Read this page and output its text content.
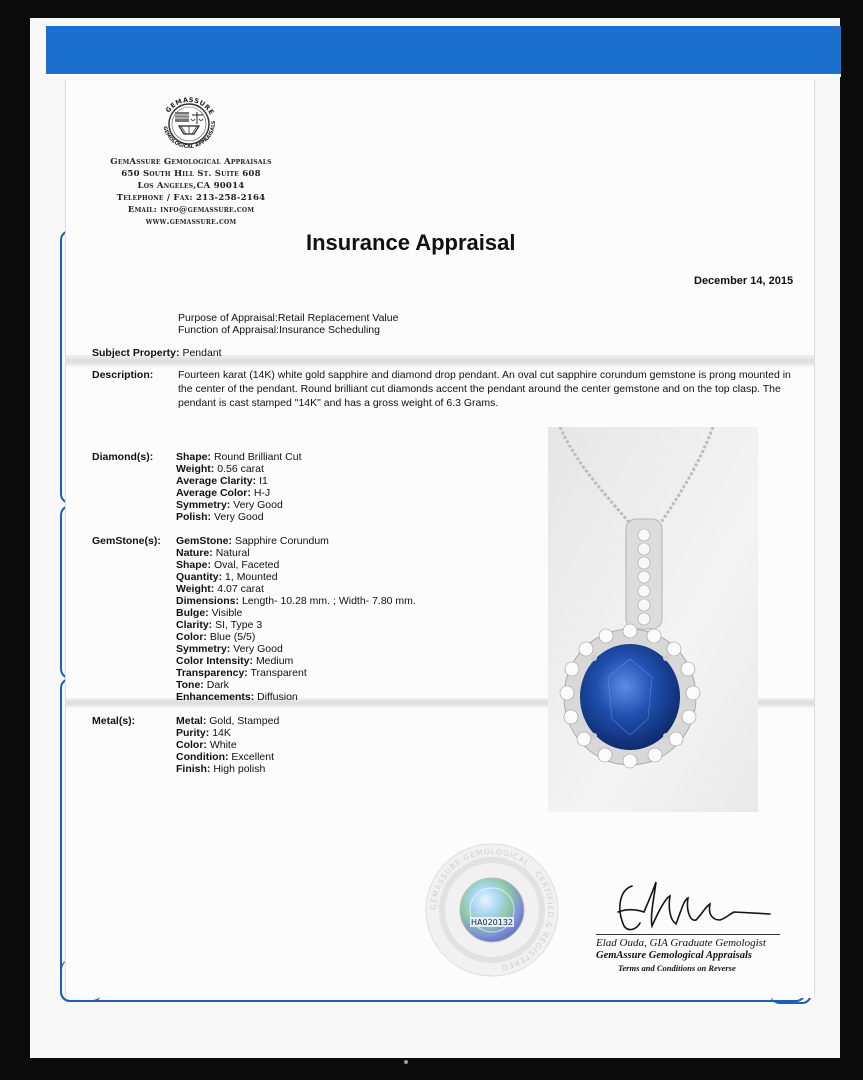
GEMASSURE
GEMOLOGICAL APPRAISALS
GemAssure Gemological Appraisals
650 South Hill St. Suite 608
Los Angeles,CA 90014
Telephone / Fax: 213-258-2164
Email: info@gemassure.com
www.gemassure.com
Insurance Appraisal
December 14, 2015
Purpose of Appraisal:Retail Replacement Value
Function of Appraisal:Insurance Scheduling
Subject Property: Pendant
Description: Fourteen karat (14K) white gold sapphire and diamond drop pendant. An oval cut sapphire corundum gemstone is prong mounted in the center of the pendant. Round brilliant cut diamonds accent the pendant around the center gemstone and on the top clasp. The pendant is cast stamped "14K" and has a gross weight of 6.3 Grams.
Diamond(s): Shape: Round Brilliant Cut
Weight: 0.56 carat
Average Clarity: I1
Average Color: H-J
Symmetry: Very Good
Polish: Very Good
GemStone(s): GemStone: Sapphire Corundum
Nature: Natural
Shape: Oval, Faceted
Quantity: 1, Mounted
Weight: 4.07 carat
Dimensions: Length- 10.28 mm. ; Width- 7.80 mm.
Bulge: Visible
Clarity: SI, Type 3
Color: Blue (5/5)
Symmetry: Very Good
Color Intensity: Medium
Transparency: Transparent
Tone: Dark
Enhancements: Diffusion
Metal(s):	Metal: Gold, Stamped
Purity: 14K
Color: White
Condition: Excellent
Finish: High polish
GEMASSURE GEMOLOGICAL · CERTIFIED & REGISTERED ·
HA020132
Elad Ouda, GIA Graduate Gemologist
GemAssure Gemological Appraisals
Terms and Conditions on Reverse
